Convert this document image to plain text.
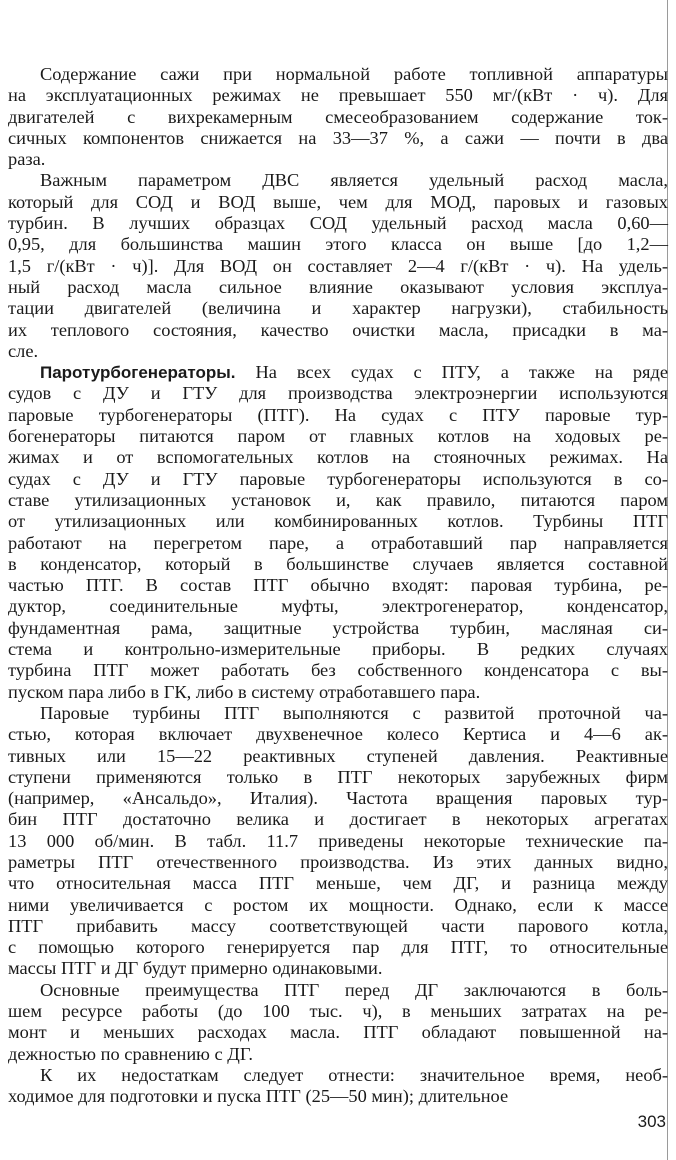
Содержание сажи при нормальной работе топливной аппаратуры
на эксплуатационных режимах не превышает 550 мг/(кВт · ч). Для
двигателей с вихрекамерным смесеобразованием содержание ток-
сичных компонентов снижается на 33—37 %, а сажи — почти в два
раза.
Важным параметром ДВС является удельный расход масла,
который для СОД и ВОД выше, чем для МОД, паровых и газовых
турбин. В лучших образцах СОД удельный расход масла 0,60—
0,95, для большинства машин этого класса он выше [до 1,2—
1,5 г/(кВт · ч)]. Для ВОД он составляет 2—4 г/(кВт · ч). На удель-
ный расход масла сильное влияние оказывают условия эксплуа-
тации двигателей (величина и характер нагрузки), стабильность
их теплового состояния, качество очистки масла, присадки в ма-
сле.
Паротурбогенераторы. На всех судах с ПТУ, а также на ряде
судов с ДУ и ГТУ для производства электроэнергии используются
паровые турбогенераторы (ПТГ). На судах с ПТУ паровые тур-
богенераторы питаются паром от главных котлов на ходовых ре-
жимах и от вспомогательных котлов на стояночных режимах. На
судах с ДУ и ГТУ паровые турбогенераторы используются в со-
ставе утилизационных установок и, как правило, питаются паром
от утилизационных или комбинированных котлов. Турбины ПТГ
работают на перегретом паре, а отработавший пар направляется
в конденсатор, который в большинстве случаев является составной
частью ПТГ. В состав ПТГ обычно входят: паровая турбина, ре-
дуктор, соединительные муфты, электрогенератор, конденсатор,
фундаментная рама, защитные устройства турбин, масляная си-
стема и контрольно-измерительные приборы. В редких случаях
турбина ПТГ может работать без собственного конденсатора с вы-
пуском пара либо в ГК, либо в систему отработавшего пара.
Паровые турбины ПТГ выполняются с развитой проточной ча-
стью, которая включает двухвенечное колесо Кертиса и 4—6 ак-
тивных или 15—22 реактивных ступеней давления. Реактивные
ступени применяются только в ПТГ некоторых зарубежных фирм
(например, «Ансальдо», Италия). Частота вращения паровых тур-
бин ПТГ достаточно велика и достигает в некоторых агрегатах
13 000 об/мин. В табл. 11.7 приведены некоторые технические па-
раметры ПТГ отечественного производства. Из этих данных видно,
что относительная масса ПТГ меньше, чем ДГ, и разница между
ними увеличивается с ростом их мощности. Однако, если к массе
ПТГ прибавить массу соответствующей части парового котла,
с помощью которого генерируется пар для ПТГ, то относительные
массы ПТГ и ДГ будут примерно одинаковыми.
Основные преимущества ПТГ перед ДГ заключаются в боль-
шем ресурсе работы (до 100 тыс. ч), в меньших затратах на ре-
монт и меньших расходах масла. ПТГ обладают повышенной на-
дежностью по сравнению с ДГ.
К их недостаткам следует отнести: значительное время, необ-
ходимое для подготовки и пуска ПТГ (25—50 мин); длительное
303
